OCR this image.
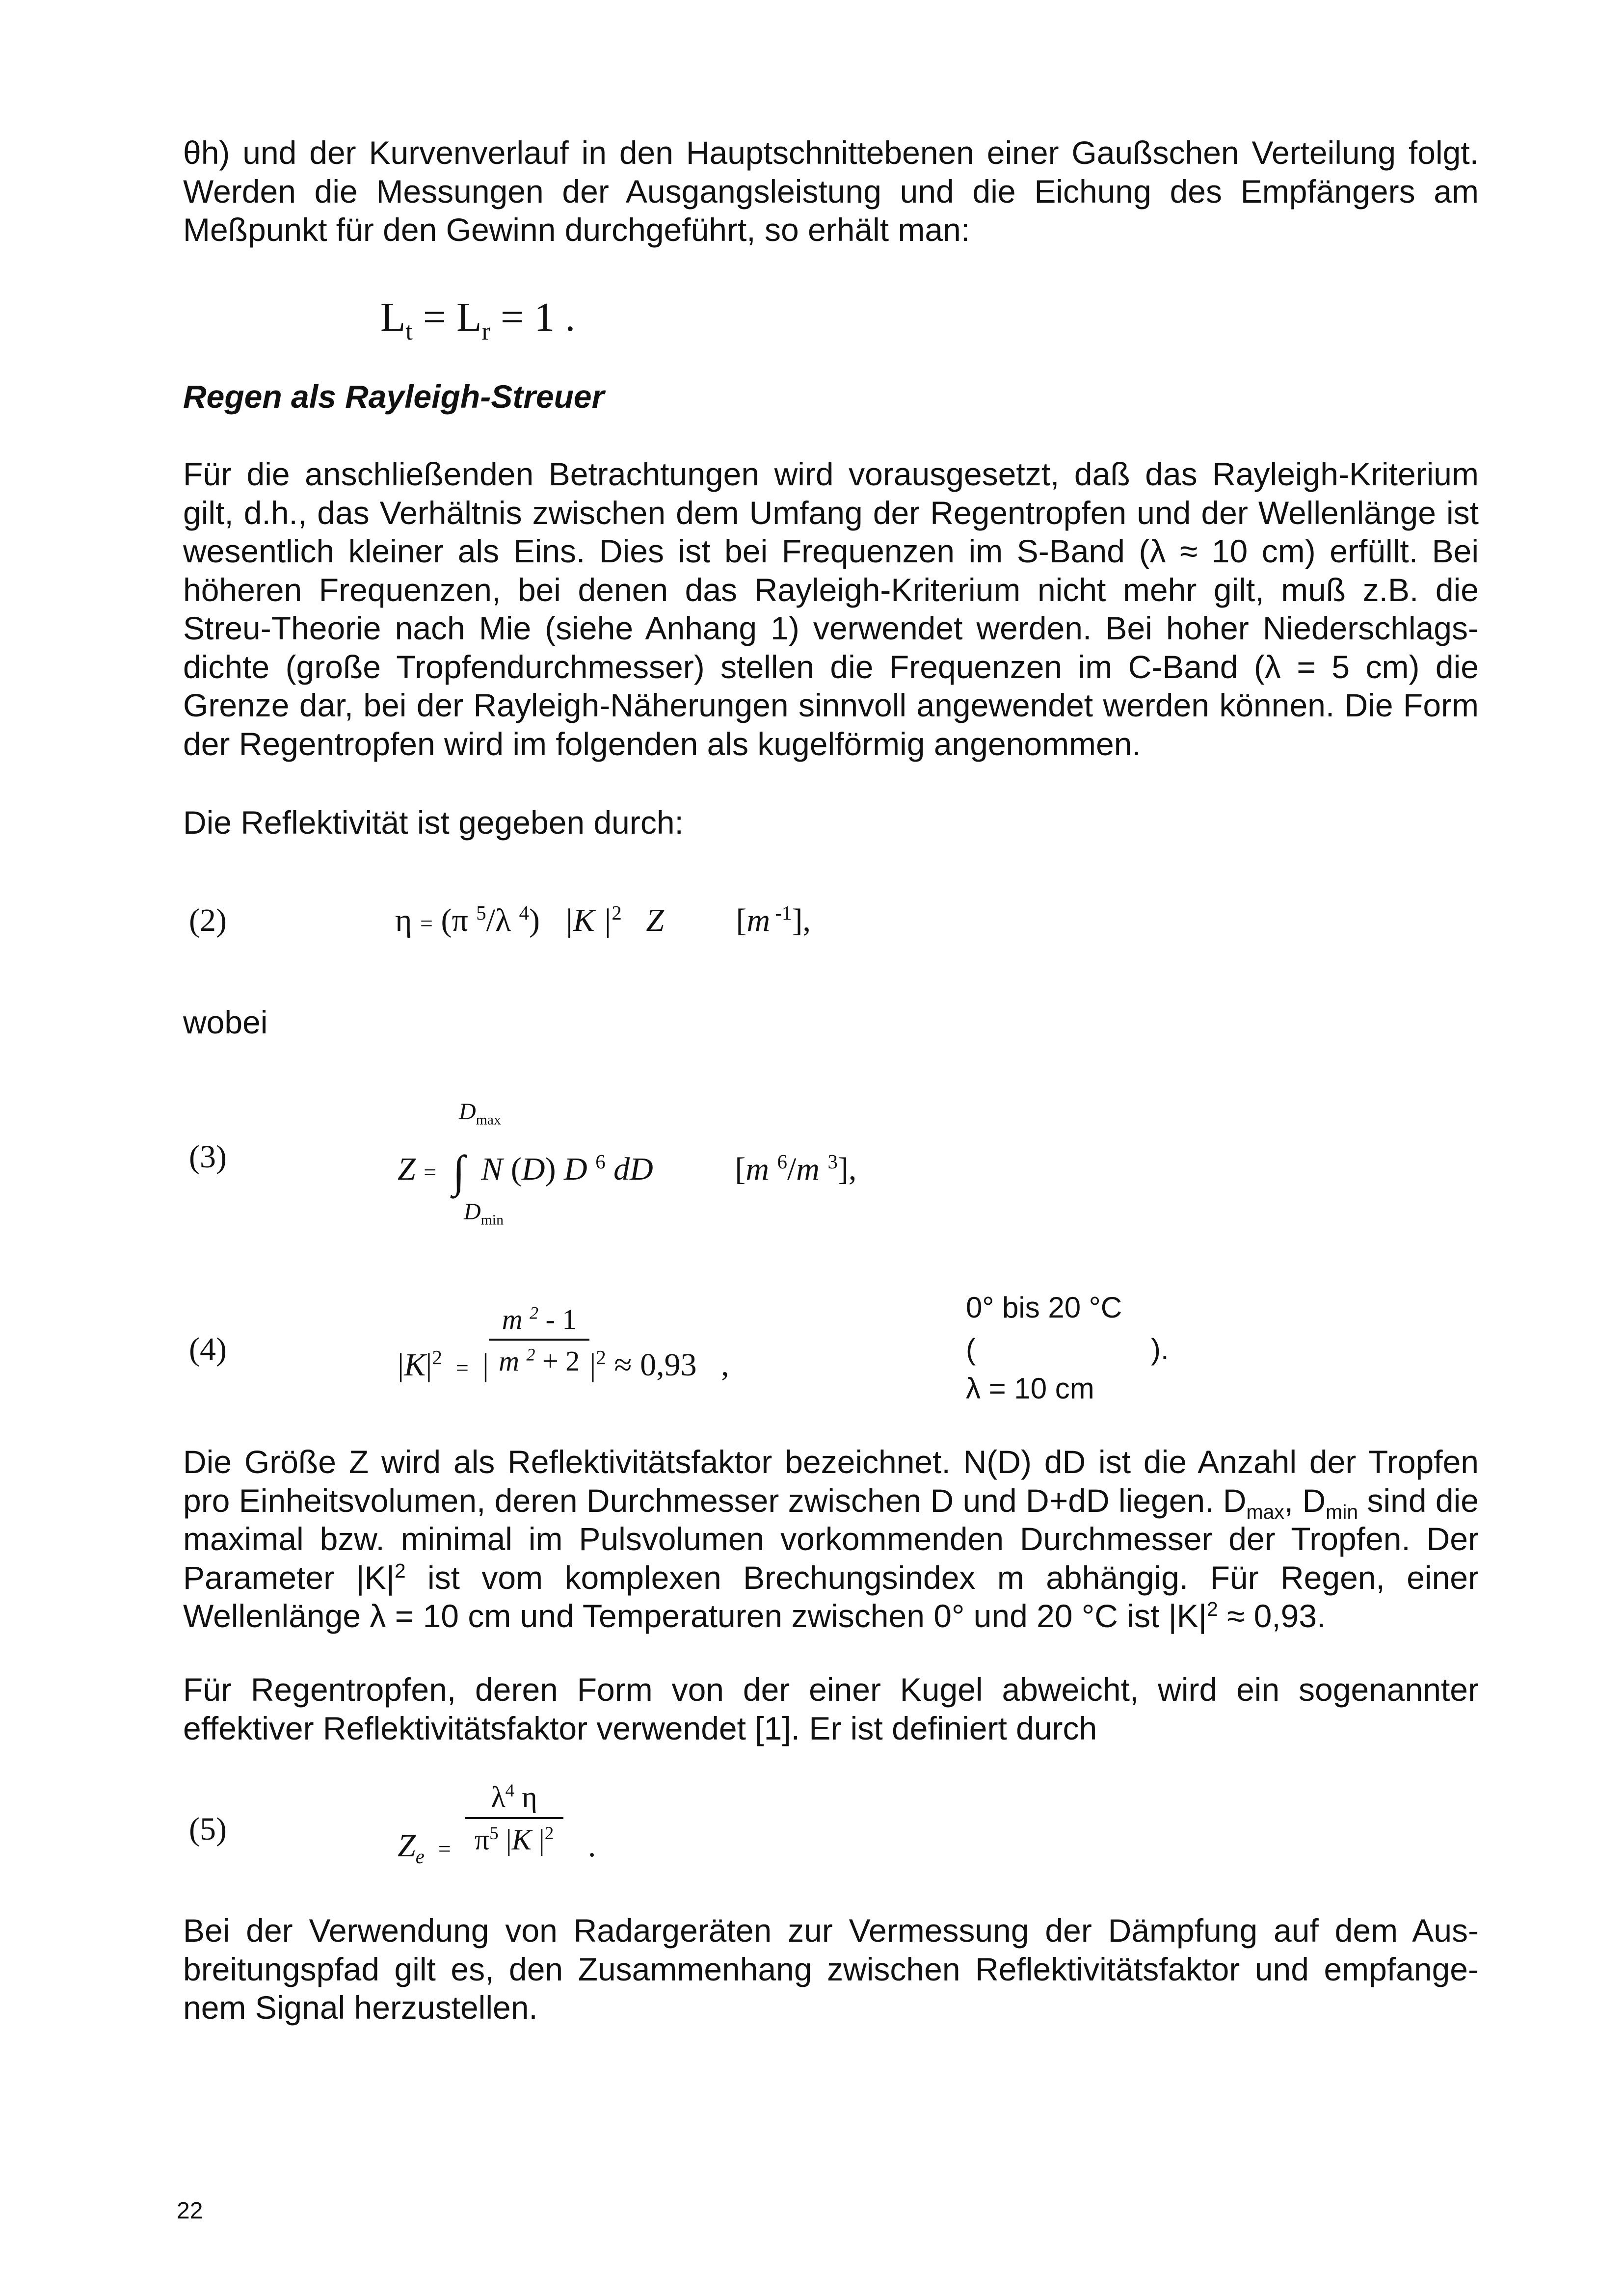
θh) und der Kurvenverlauf in den Hauptschnittebenen einer Gaußschen Verteilung folgt. Werden die Messungen der Ausgangsleistung und die Eichung des Empfängers am Meßpunkt für den Gewinn durchgeführt, so erhält man:

$L_t = L_r = 1$ .

Regen als Rayleigh-Streuer

Für die anschließenden Betrachtungen wird vorausgesetzt, daß das Rayleigh-Kriterium gilt, d.h., das Verhältnis zwischen dem Umfang der Regentropfen und der Wellenlänge ist wesentlich kleiner als Eins. Dies ist bei Frequenzen im S-Band (λ ≈ 10 cm) erfüllt. Bei höheren Frequenzen, bei denen das Rayleigh-Kriterium nicht mehr gilt, muß z.B. die Streu-Theorie nach Mie (siehe Anhang 1) verwendet werden. Bei hoher Niederschlags-dichte (große Tropfendurchmesser) stellen die Frequenzen im C-Band (λ = 5 cm) die Grenze dar, bei der Rayleigh-Näherungen sinnvoll angewendet werden können. Die Form der Regentropfen wird im folgenden als kugelförmig angenommen.

Die Reflektivität ist gegeben durch:

(2)	η = (π $^5$/λ $^4$)   |K $|^2$ Z [m $^{-1}$],

wobei

$D_{max}$
(3)	Z = ∫ N (D) D $^6$ dD	[m $^6$/m $^3$],
$D_{min}$
(4)	$|K|^2$  $_=$  | $\frac{m ^2 - 1}{m ^2 + 2} |^2 \approx 0,93$   ,
0° bis 20 °C
(	).
λ = 10 cm

Die Größe Z wird als Reflektivitätsfaktor bezeichnet. N(D) dD ist die Anzahl der Tropfen pro Einheitsvolumen, deren Durchmesser zwischen D und D+dD liegen. $D_{max}$, $D_{min}$ sind die maximal bzw. minimal im Pulsvolumen vorkommenden Durchmesser der Tropfen. Der Parameter $|K|^2$ ist vom komplexen Brechungsindex m abhängig. Für Regen, einer Wellenlänge λ = 10 cm und Temperaturen zwischen 0° und 20 °C ist $|K|^2 \approx 0,93$.

Für Regentropfen, deren Form von der einer Kugel abweicht, wird ein sogenannter effektiver Reflektivitätsfaktor verwendet [1]. Er ist definiert durch

(5)	$Z_e$  $_= \frac{\lambda^4 \eta}{\pi^5 |K |^2}$ .

Bei der Verwendung von Radargeräten zur Vermessung der Dämpfung auf dem Aus-breitungspfad gilt es, den Zusammenhang zwischen Reflektivitätsfaktor und empfange-nem Signal herzustellen.

22
